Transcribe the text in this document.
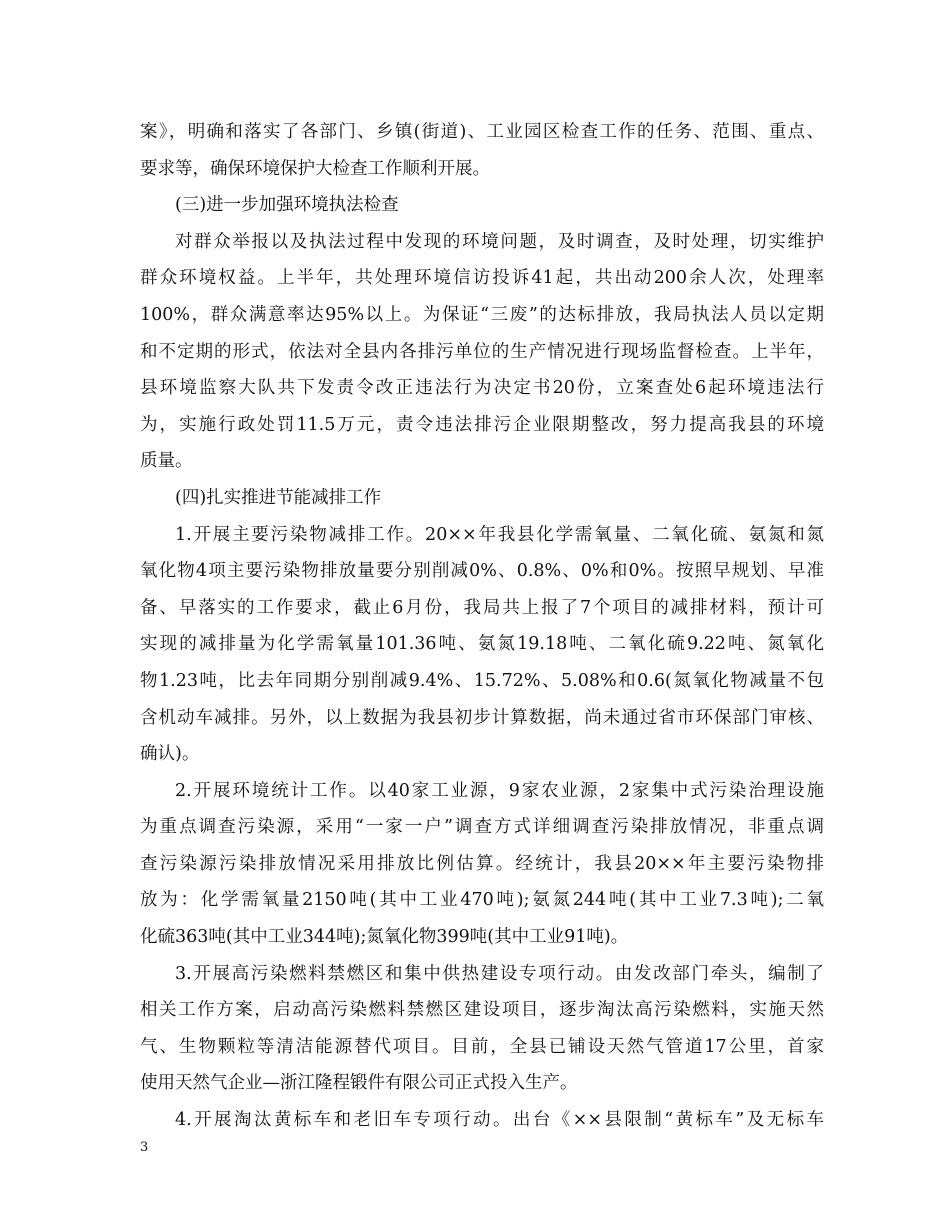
案》，明确和落实了各部门、乡镇(街道)、工业园区检查工作的任务、范围、重点、
要求等，确保环境保护大检查工作顺利开展。
(三)进一步加强环境执法检查
对群众举报以及执法过程中发现的环境问题，及时调查，及时处理，切实维护
群众环境权益。上半年，共处理环境信访投诉41起，共出动200余人次，处理率
100%，群众满意率达95%以上。为保证“三废”的达标排放，我局执法人员以定期
和不定期的形式，依法对全县内各排污单位的生产情况进行现场监督检查。上半年，
县环境监察大队共下发责令改正违法行为决定书20份，立案查处6起环境违法行
为，实施行政处罚11.5万元，责令违法排污企业限期整改，努力提高我县的环境
质量。
(四)扎实推进节能减排工作
1.开展主要污染物减排工作。20××年我县化学需氧量、二氧化硫、氨氮和氮
氧化物4项主要污染物排放量要分别削减0%、0.8%、0%和0%。按照早规划、早准
备、早落实的工作要求，截止6月份，我局共上报了7个项目的减排材料，预计可
实现的减排量为化学需氧量101.36吨、氨氮19.18吨、二氧化硫9.22吨、氮氧化
物1.23吨，比去年同期分别削减9.4%、15.72%、5.08%和0.6(氮氧化物减量不包
含机动车减排。另外，以上数据为我县初步计算数据，尚未通过省市环保部门审核、
确认)。
2.开展环境统计工作。以40家工业源，9家农业源，2家集中式污染治理设施
为重点调查污染源，采用“一家一户”调查方式详细调查污染排放情况，非重点调
查污染源污染排放情况采用排放比例估算。经统计，我县20××年主要污染物排
放为：化学需氧量2150吨(其中工业470吨);氨氮244吨(其中工业7.3吨);二氧
化硫363吨(其中工业344吨);氮氧化物399吨(其中工业91吨)。
3.开展高污染燃料禁燃区和集中供热建设专项行动。由发改部门牵头，编制了
相关工作方案，启动高污染燃料禁燃区建设项目，逐步淘汰高污染燃料，实施天然
气、生物颗粒等清洁能源替代项目。目前，全县已铺设天然气管道17公里，首家
使用天然气企业—浙江隆程锻件有限公司正式投入生产。
4.开展淘汰黄标车和老旧车专项行动。出台《××县限制“黄标车”及无标车
3
